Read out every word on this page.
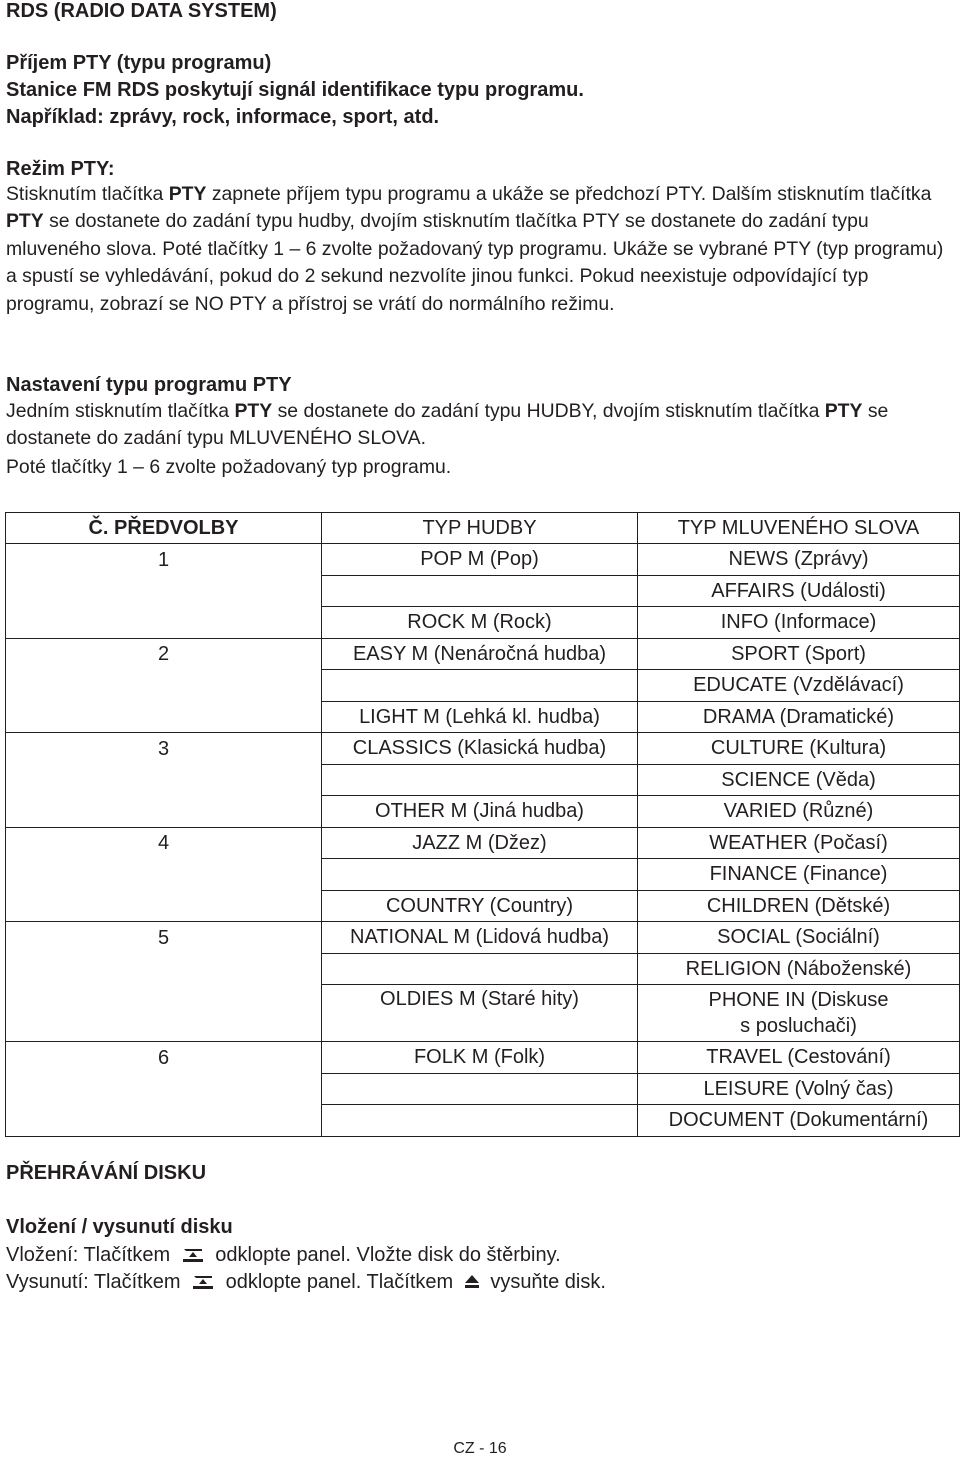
RDS (RADIO DATA SYSTEM)
Příjem PTY (typu programu)
Stanice FM RDS poskytují signál identifikace typu programu.
Například: zprávy, rock, informace, sport, atd.
Režim PTY:
Stisknutím tlačítka PTY zapnete příjem typu programu a ukáže se předchozí PTY. Dalším stisknutím tlačítka PTY se dostanete do zadání typu hudby, dvojím stisknutím tlačítka PTY se dostanete do zadání typu mluveného slova. Poté tlačítky 1 – 6 zvolte požadovaný typ programu. Ukáže se vybrané PTY (typ programu) a spustí se vyhledávání, pokud do 2 sekund nezvolíte jinou funkci. Pokud neexistuje odpovídající typ programu, zobrazí se NO PTY a přístroj se vrátí do normálního režimu.
Nastavení typu programu PTY
Jedním stisknutím tlačítka PTY se dostanete do zadání typu HUDBY, dvojím stisknutím tlačítka PTY se dostanete do zadání typu MLUVENÉHO SLOVA.
Poté tlačítky 1 – 6 zvolte požadovaný typ programu.
Č. PŘEDVOLBY	TYP HUDBY	TYP MLUVENÉHO SLOVA
1	POP M (Pop)	NEWS (Zprávy)
		AFFAIRS (Události)
	ROCK M (Rock)	INFO (Informace)
2	EASY M (Nenáročná hudba)	SPORT (Sport)
		EDUCATE (Vzdělávací)
	LIGHT M (Lehká kl. hudba)	DRAMA (Dramatické)
3	CLASSICS (Klasická hudba)	CULTURE (Kultura)
		SCIENCE (Věda)
	OTHER M (Jiná hudba)	VARIED (Různé)
4	JAZZ M (Džez)	WEATHER (Počasí)
		FINANCE (Finance)
	COUNTRY (Country)	CHILDREN (Dětské)
5	NATIONAL M (Lidová hudba)	SOCIAL (Sociální)
		RELIGION (Náboženské)
	OLDIES M (Staré hity)	PHONE IN (Diskuse
s posluchači)
6	FOLK M (Folk)	TRAVEL (Cestování)
		LEISURE (Volný čas)
		DOCUMENT (Dokumentární)
PŘEHRÁVÁNÍ DISKU
Vložení / vysunutí disku
Vložení: Tlačítkem odklopte panel. Vložte disk do štěrbiny.
Vysunutí: Tlačítkem odklopte panel. Tlačítkem vysuňte disk.
CZ - 16
